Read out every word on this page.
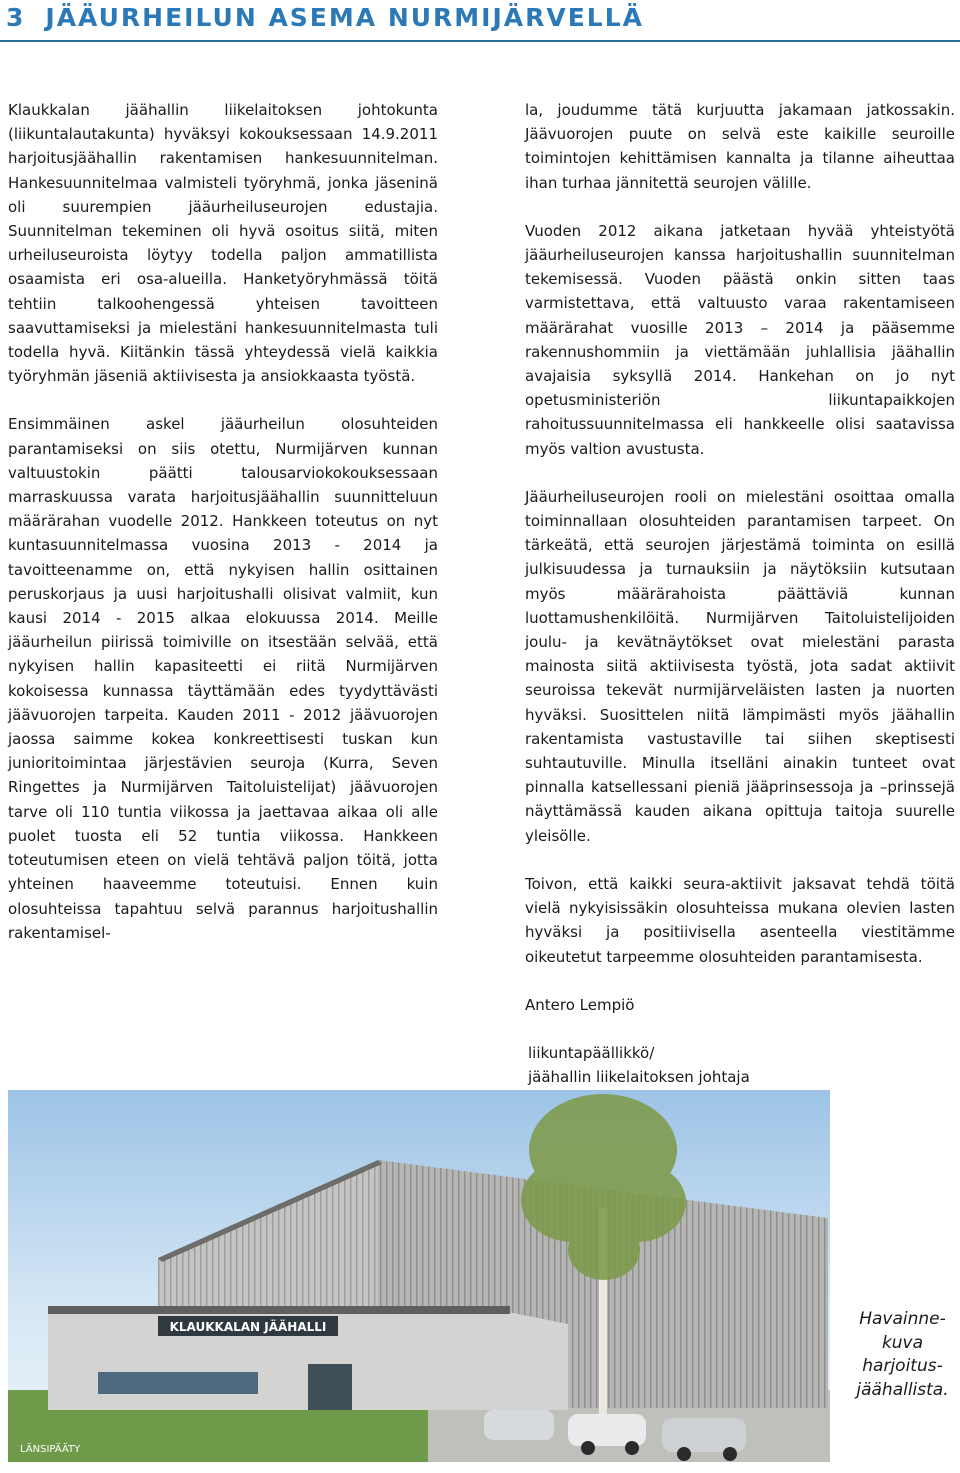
3 JÄÄURHEILUN ASEMA NURMIJÄRVELLÄ

Klaukkalan jäähallin liikelaitoksen johtokunta (liikuntalautakunta) hyväksyi kokouksessaan 14.9.2011 harjoitusjäähallin rakentamisen hankesuunnitelman. Hankesuunnitelmaa valmisteli työryhmä, jonka jäseninä oli suurempien jääurheiluseurojen edustajia. Suunnitelman tekeminen oli hyvä osoitus siitä, miten urheiluseuroista löytyy todella paljon ammatillista osaamista eri osa-alueilla. Hanketyöryhmässä töitä tehtiin talkoohengessä yhteisen tavoitteen saavuttamiseksi ja mielestäni hankesuunnitelmasta tuli todella hyvä. Kiitänkin tässä yhteydessä vielä kaikkia työryhmän jäseniä aktiivisesta ja ansiokkaasta työstä.

Ensimmäinen askel jääurheilun olosuhteiden parantamiseksi on siis otettu, Nurmijärven kunnan valtuustokin päätti talousarviokokouksessaan marraskuussa varata harjoitusjäähallin suunnitteluun määrärahan vuodelle 2012. Hankkeen toteutus on nyt kuntasuunnitelmassa vuosina 2013 - 2014 ja tavoitteenamme on, että nykyisen hallin osittainen peruskorjaus ja uusi harjoitushalli olisivat valmiit, kun kausi 2014 - 2015 alkaa elokuussa 2014. Meille jääurheilun piirissä toimiville on itsestään selvää, että nykyisen hallin kapasiteetti ei riitä Nurmijärven kokoisessa kunnassa täyttämään edes tyydyttävästi jäävuorojen tarpeita. Kauden 2011 - 2012 jäävuorojen jaossa saimme kokea konkreettisesti tuskan kun junioritoimintaa järjestävien seuroja (Kurra, Seven Ringettes ja Nurmijärven Taitoluistelijat) jäävuorojen tarve oli 110 tuntia viikossa ja jaettavaa aikaa oli alle puolet tuosta eli 52 tuntia viikossa. Hankkeen toteutumisen eteen on vielä tehtävä paljon töitä, jotta yhteinen haaveemme toteutuisi. Ennen kuin olosuhteissa tapahtuu selvä parannus harjoitushallin rakentamisel-

la, joudumme tätä kurjuutta jakamaan jatkossakin. Jäävuorojen puute on selvä este kaikille seuroille toimintojen kehittämisen kannalta ja tilanne aiheuttaa ihan turhaa jännitettä seurojen välille.

Vuoden 2012 aikana jatketaan hyvää yhteistyötä jääurheiluseurojen kanssa harjoitushallin suunnitelman tekemisessä. Vuoden päästä onkin sitten taas varmistettava, että valtuusto varaa rakentamiseen määrärahat vuosille 2013 – 2014 ja pääsemme rakennushommiin ja viettämään juhlallisia jäähallin avajaisia syksyllä 2014. Hankehan on jo nyt opetusministeriön liikuntapaikkojen rahoitussuunnitelmassa eli hankkeelle olisi saatavissa myös valtion avustusta.

Jääurheiluseurojen rooli on mielestäni osoittaa omalla toiminnallaan olosuhteiden parantamisen tarpeet. On tärkeätä, että seurojen järjestämä toiminta on esillä julkisuudessa ja turnauksiin ja näytöksiin kutsutaan myös määrärahoista päättäviä kunnan luottamushenkilöitä. Nurmijärven Taitoluistelijoiden joulu- ja kevätnäytökset ovat mielestäni parasta mainosta siitä aktiivisesta työstä, jota sadat aktiivit seuroissa tekevät nurmijärveläisten lasten ja nuorten hyväksi. Suosittelen niitä lämpimästi myös jäähallin rakentamista vastustaville tai siihen skeptisesti suhtautuville. Minulla itselläni ainakin tunteet ovat pinnalla katsellessani pieniä jääprinsessoja ja –prinssejä näyttämässä kauden aikana opittuja taitoja suurelle yleisölle.

Toivon, että kaikki seura-aktiivit jaksavat tehdä töitä vielä nykyisissäkin olosuhteissa mukana olevien lasten hyväksi ja positiivisella asenteella viestitämme oikeutetut tarpeemme olosuhteiden parantamisesta.

Antero Lempiö

liikuntapäällikkö/
jäähallin liikelaitoksen johtaja
KLAUKKALAN JÄÄHALLI
LÄNSIPÄÄTY
Havainne-kuva harjoitus-jäähallista.
